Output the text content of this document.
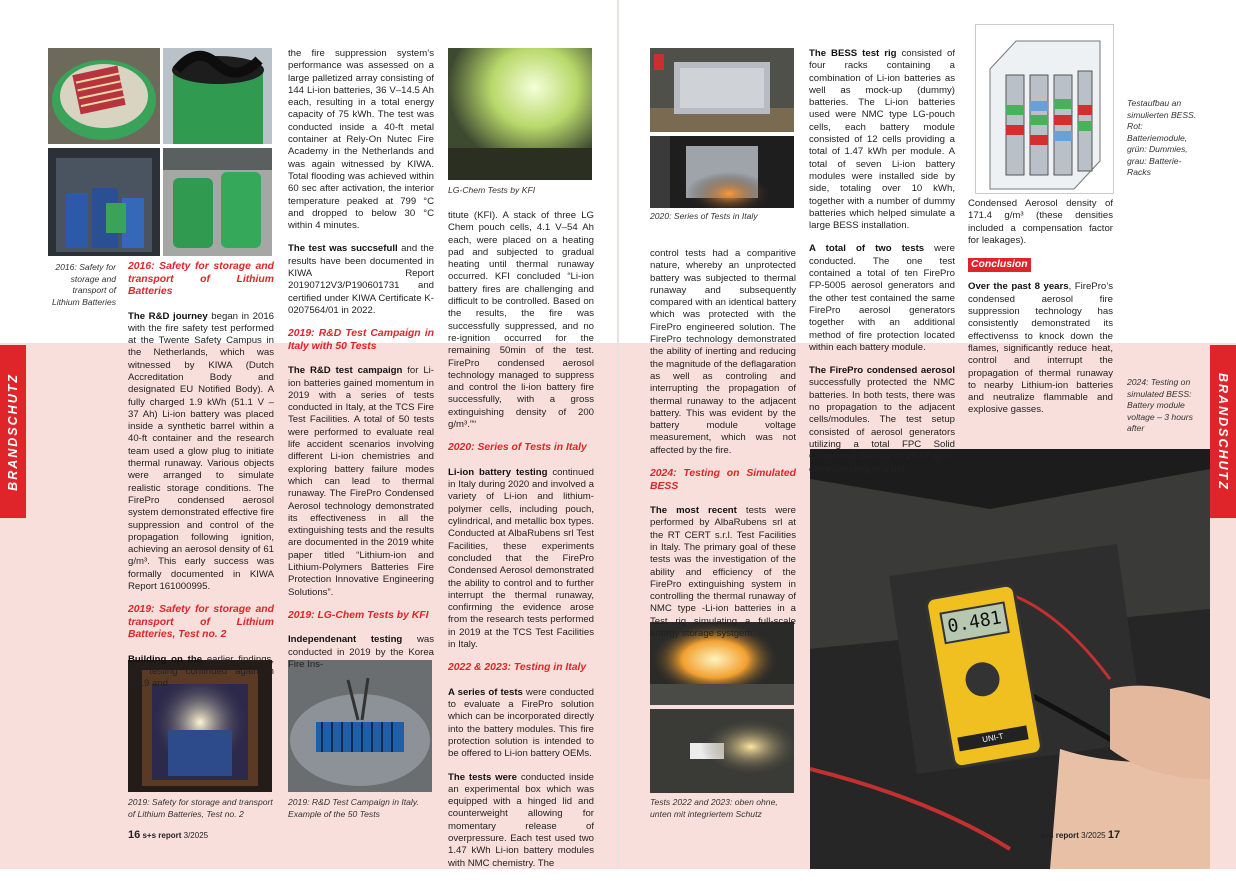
BRANDSCHUTZ	BRANDSCHUTZ
0.481
UNI-T
2016: Safety for storage and transport of Lithium Batteries
2019: Safety for storage and transport of Lithium Batteries, Test no. 2
2019: R&D Test Campaign in Italy. Example of the 50 Tests
LG-Chem Tests by KFI
2020: Series of Tests in Italy
Tests 2022 and 2023: oben ohne, unten mit integriertem Schutz
Testaufbau an simulierten BESS. Rot: Batteriemodule, grün: Dummies, grau: Batterie-Racks
2024: Testing on simulated BESS: Battery module voltage – 3 hours after
2016: Safety for storage and transport of Lithium Batteries

The R&D journey began in 2016 with the fire safety test performed at the Twente Safety Campus in the Netherlands, which was witnessed by KIWA (Dutch Accreditation Body and designated EU Notified Body). A fully charged 1.9 kWh (51.1 V – 37 Ah) Li-ion battery was placed inside a synthetic barrel within a 40-ft container and the research team used a glow plug to initiate thermal runaway. Various objects were arranged to simulate realistic storage conditions. The FirePro condensed aerosol system demonstrated effective fire suppression and control of the propagation following ignition, achieving an aerosol density of 61 g/m³. This early success was formally documented in KIWA Report 161000995.

2019: Safety for storage and transport of Lithium Batteries, Test no. 2

Building on the earlier findings, the testing continued again in 2019 and

the fire suppression system’s performance was assessed on a large palletized array consisting of 144 Li-ion batteries, 36 V–14.5 Ah each, resulting in a total energy capacity of 75 kWh. The test was conducted inside a 40-ft metal container at Rely-On Nutec Fire Academy in the Netherlands and was again witnessed by KIWA. Total flooding was achieved within 60 sec after activation, the interior temperature peaked at 799 °C and dropped to below 30 °C within 4 minutes.

The test was succsefull and the results have been documented in KIWA Report 20190712V3/P190601731 and certified under KIWA Certificate K-0207564/01 in 2022.

2019: R&D Test Campaign in Italy with 50 Tests

The R&D test campaign for Li-ion batteries gained momentum in 2019 with a series of tests conducted in Italy, at the TCS Fire Test Facilities. A total of 50 tests were performed to evaluate real life accident scenarios involving different Li-ion chemistries and exploring battery failure modes which can lead to thermal runaway. The FirePro Condensed Aerosol technology demonstrated its effectiveness in all the extinguishing tests and the results are documented in the 2019 white paper titled “Lithium-ion and Lithium-Polymers Batteries Fire Protection Innovative Engineering Solutions”.

2019: LG-Chem Tests by KFI

Independenant testing was conducted in 2019 by the Korea Fire Ins-

titute (KFI). A stack of three LG Chem pouch cells, 4.1 V–54 Ah each, were placed on a heating pad and subjected to gradual heating until thermal runaway occurred. KFI concluded “Li-ion battery fires are challenging and difficult to be controlled. Based on the results, the fire was successfully suppressed, and no re-ignition occurred for the remaining 50min of the test. FirePro condensed aerosol technology managed to suppress and control the li-ion battery fire successfully, with a gross extinguishing density of 200 g/m³.”“

2020: Series of Tests in Italy

Li-ion battery testing continued in Italy during 2020 and involved a variety of Li-ion and lithium-polymer cells, including pouch, cylindrical, and metallic box types. Conducted at AlbaRubens srl Test Facilities, these experiments concluded that the FirePro Condensed Aerosol demonstrated the ability to control and to further interrupt the thermal runaway, confirming the evidence arose from the research tests performed in 2019 at the TCS Test Facilities in Italy.

2022 & 2023: Testing in Italy

A series of tests were conducted to evaluate a FirePro solution which can be incorporated directly into the battery modules. This fire protection solution is intended to be offered to Li-ion battery OEMs.

The tests were conducted inside an experimental box which was equipped with a hinged lid and counterweight allowing for momentary release of overpressure. Each test used two 1.47 kWh Li-ion battery modules with NMC chemistry. The

control tests had a comparitive nature, whereby an unprotected battery was subjected to thermal runaway and subsequently compared with an identical battery which was protected with the FirePro engineered solution. The FirePro technology demonstrated the ability of inerting and reducing the magnitude of the deflagaration as well as controling and interrupting the propagation of thermal runaway to the adjacent battery. This was evident by the battery module voltage measurement, which was not affected by the fire.

2024: Testing on Simulated BESS

The most recent tests were performed by AlbaRubens srl at the RT CERT s.r.l. Test Facilities in Italy. The primary goal of these tests was the investigation of the ability and efficiency of the FirePro extinguishing system in controlling the thermal runaway of NMC type -Li-ion batteries in a Test rig simulating a full-scale energy storage systgem.

The BESS test rig consisted of four racks containing a combination of Li-ion batteries as well as mock-up (dummy) batteries. The Li-ion batteries used were NMC type LG-pouch cells, each battery module consisted of 12 cells providing a total of 1.47 kWh per module. A total of seven Li-ion battery modules were installed side by side, totaling over 10 kWh, together with a number of dummy batteries which helped simulate a large BESS installation.

A total of two tests were conducted. The one test contained a total of ten FirePro FP-5005 aerosol generators and the other test contained the same FirePro aerosol generators together with an additional method of fire protection located within each battery module.

The FirePro condensed aerosol successfully protected the NMC batteries. In both tests, there was no propagation to the adjacent cells/modules. The test setup consisted of aerosol generators utilizing a total FPC Solid Compound Density of 259.7 g/m³, corresponding to a net

Condensed Aerosol density of 171.4 g/m³ (these densities included a compensation factor for leakages).

Conclusion

Over the past 8 years, FirePro’s condensed aerosol fire suppression technology has consistently demonstrated its effectivenss to knock down the flames, significantly reduce heat, control and interrupt the propagation of thermal runaway to nearby Lithium-ion batteries and neutralize flammable and explosive gasses.

16 s+s report 3/2025	s+s report 3/2025 17
